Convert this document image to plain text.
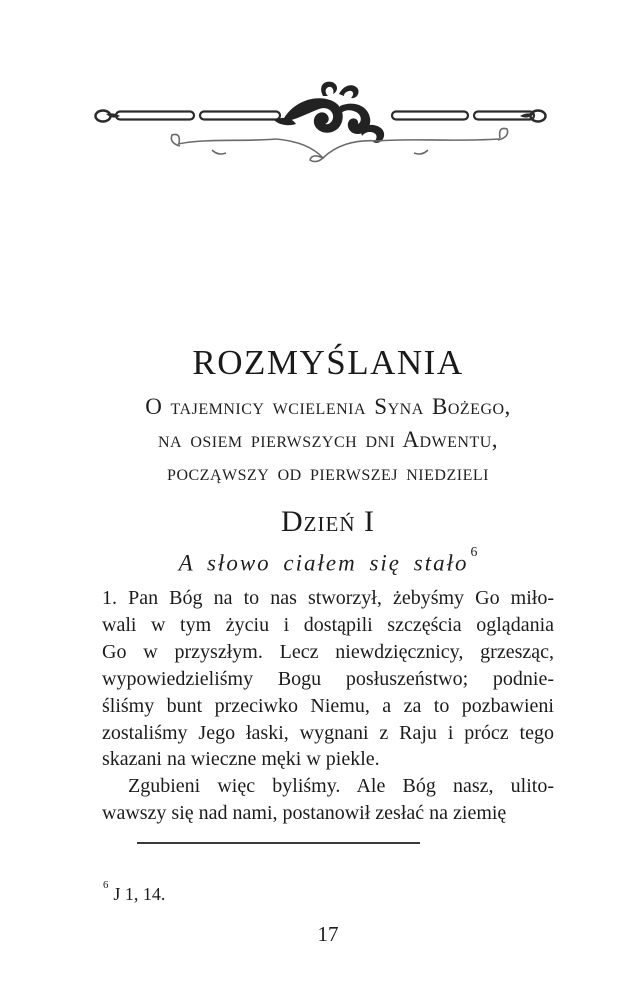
ROZMYŚLANIA
O tajemnicy wcielenia Syna Bożego,
na osiem pierwszych dni Adwentu,
począwszy od pierwszej niedzieli
Dzień I
A słowo ciałem się stało $^6$
1. Pan Bóg na to nas stworzył, żebyśmy Go miło-
wali w tym życiu i dostąpili szczęścia oglądania
Go w przyszłym. Lecz niewdzięcznicy, grzesząc,
wypowiedzieliśmy Bogu posłuszeństwo; podnie-
śliśmy bunt przeciwko Niemu, a za to pozbawieni
zostaliśmy Jego łaski, wygnani z Raju i prócz tego
skazani na wieczne męki w piekle.
Zgubieni więc byliśmy. Ale Bóg nasz, ulito-
wawszy się nad nami, postanowił zesłać na ziemię
$^6$ J 1, 14.
17
